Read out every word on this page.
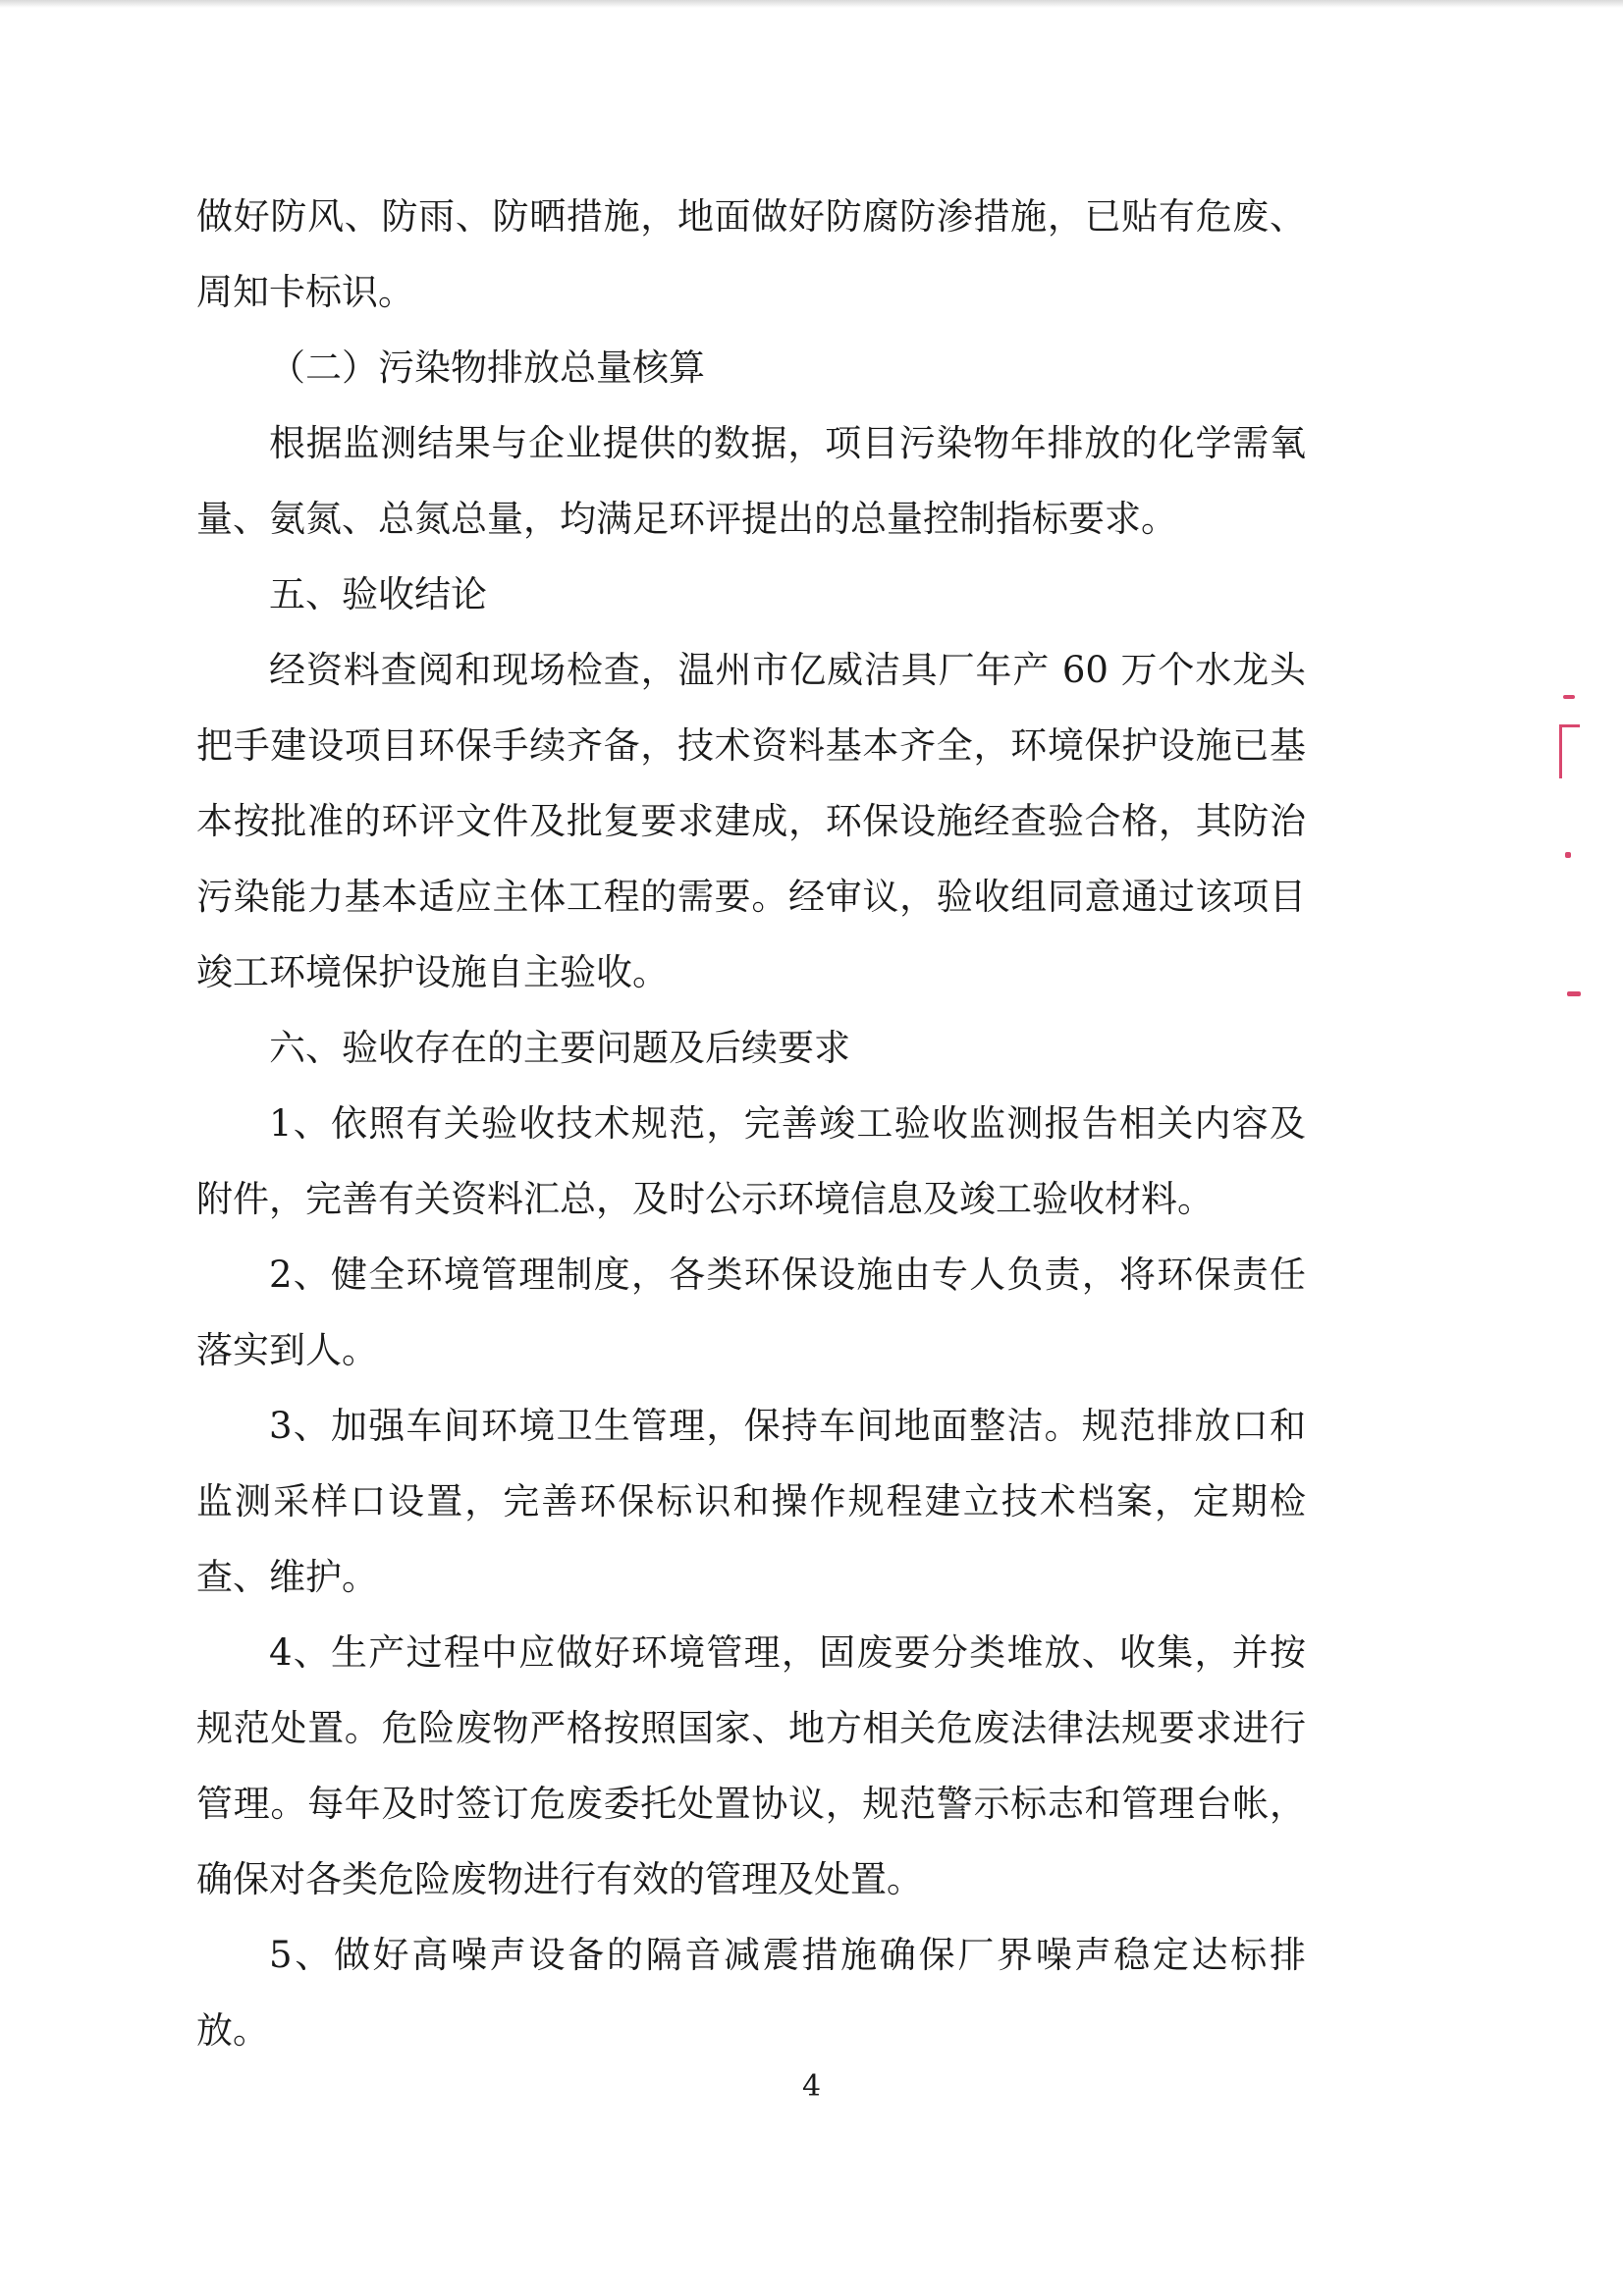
做好防风、防雨、防晒措施，地面做好防腐防渗措施，已贴有危废、周知卡标识。

（二）污染物排放总量核算

根据监测结果与企业提供的数据，项目污染物年排放的化学需氧量、氨氮、总氮总量，均满足环评提出的总量控制指标要求。

五、验收结论

经资料查阅和现场检查，温州市亿威洁具厂年产 60 万个水龙头把手建设项目环保手续齐备，技术资料基本齐全，环境保护设施已基本按批准的环评文件及批复要求建成，环保设施经查验合格，其防治污染能力基本适应主体工程的需要。经审议，验收组同意通过该项目竣工环境保护设施自主验收。

六、验收存在的主要问题及后续要求

1、依照有关验收技术规范，完善竣工验收监测报告相关内容及附件，完善有关资料汇总，及时公示环境信息及竣工验收材料。

2、健全环境管理制度，各类环保设施由专人负责，将环保责任落实到人。

3、加强车间环境卫生管理，保持车间地面整洁。规范排放口和监测采样口设置，完善环保标识和操作规程建立技术档案，定期检查、维护。

4、生产过程中应做好环境管理，固废要分类堆放、收集，并按规范处置。危险废物严格按照国家、地方相关危废法律法规要求进行管理。每年及时签订危废委托处置协议，规范警示标志和管理台帐，确保对各类危险废物进行有效的管理及处置。

5、做好高噪声设备的隔音减震措施确保厂界噪声稳定达标排放。

4
